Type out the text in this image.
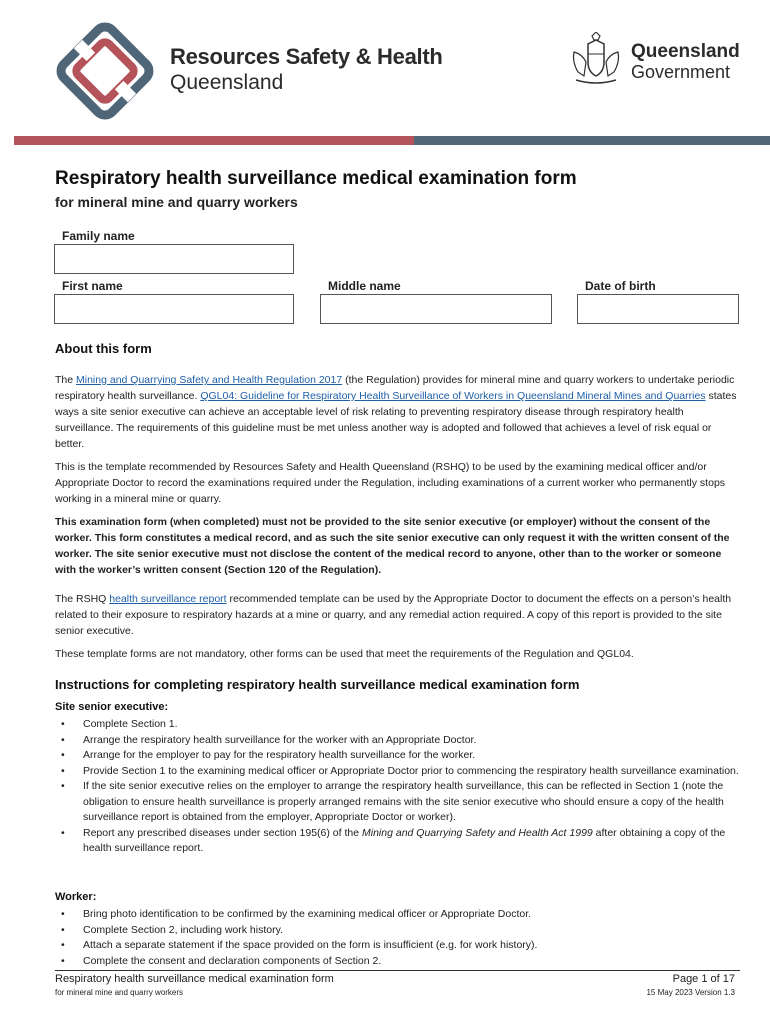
Resources Safety & Health
Queensland
Queensland
Government
Respiratory health surveillance medical examination form
for mineral mine and quarry workers
Family name
First name	Middle name	Date of birth
About this form

The Mining and Quarrying Safety and Health Regulation 2017 (the Regulation) provides for mineral mine and quarry workers to undertake periodic respiratory health surveillance. QGL04: Guideline for Respiratory Health Surveillance of Workers in Queensland Mineral Mines and Quarries states ways a site senior executive can achieve an acceptable level of risk relating to preventing respiratory disease through respiratory health surveillance. The requirements of this guideline must be met unless another way is adopted and followed that achieves a level of risk equal or better.

This is the template recommended by Resources Safety and Health Queensland (RSHQ) to be used by the examining medical officer and/or Appropriate Doctor to record the examinations required under the Regulation, including examinations of a current worker who permanently stops working in a mineral mine or quarry.

This examination form (when completed) must not be provided to the site senior executive (or employer) without the consent of the worker. This form constitutes a medical record, and as such the site senior executive can only request it with the written consent of the worker. The site senior executive must not disclose the content of the medical record to anyone, other than to the worker or someone with the worker’s written consent (Section 120 of the Regulation).

The RSHQ health surveillance report recommended template can be used by the Appropriate Doctor to document the effects on a person’s health related to their exposure to respiratory hazards at a mine or quarry, and any remedial action required. A copy of this report is provided to the site senior executive.

These template forms are not mandatory, other forms can be used that meet the requirements of the Regulation and QGL04.

Instructions for completing respiratory health surveillance medical examination form
Site senior executive:
• Complete Section 1.
• Arrange the respiratory health surveillance for the worker with an Appropriate Doctor.
• Arrange for the employer to pay for the respiratory health surveillance for the worker.
• Provide Section 1 to the examining medical officer or Appropriate Doctor prior to commencing the respiratory health surveillance examination.
• If the site senior executive relies on the employer to arrange the respiratory health surveillance, this can be reflected in Section 1 (note the obligation to ensure health surveillance is properly arranged remains with the site senior executive who should ensure a copy of the health surveillance report is obtained from the employer, Appropriate Doctor or worker).
• Report any prescribed diseases under section 195(6) of the Mining and Quarrying Safety and Health Act 1999 after obtaining a copy of the health surveillance report.
Worker:
• Bring photo identification to be confirmed by the examining medical officer or Appropriate Doctor.
• Complete Section 2, including work history.
• Attach a separate statement if the space provided on the form is insufficient (e.g. for work history).
• Complete the consent and declaration components of Section 2.
Respiratory health surveillance medical examination form
for mineral mine and quarry workers
Page 1 of 17
15 May 2023 Version 1.3
